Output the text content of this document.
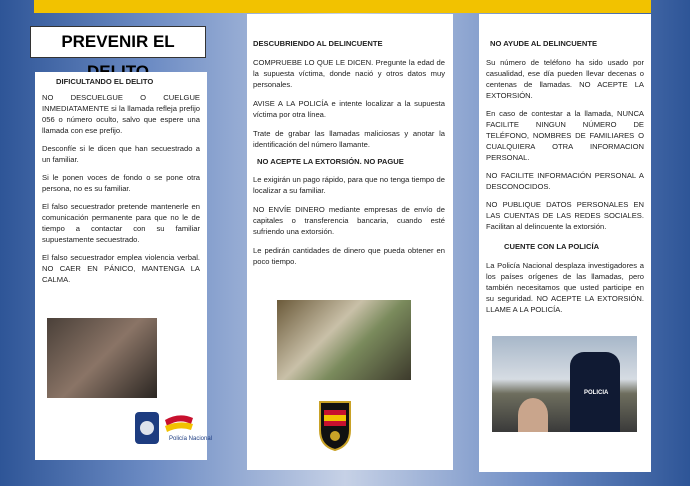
PREVENIR EL

DIFICULTANDO EL DELITO

NO DESCUELGUE O CUELGUE INMEDIATAMENTE si la llamada refleja prefijo 056 o número oculto, salvo que espere una llamada con ese prefijo.

Desconfíe si le dicen que han secuestrado a un familiar.

Si le ponen voces de fondo o se pone otra persona, no es su familiar.

El falso secuestrador pretende mantenerle en comunicación permanente para que no le de tiempo a contactar con su familiar supuestamente secuestrado.

El falso secuestrador emplea violencia verbal. NO CAER EN PÁNICO, MANTENGA LA CALMA.

Policía Nacional

DESCUBRIENDO AL DELINCUENTE

COMPRUEBE LO QUE LE DICEN. Pregunte la edad de la supuesta víctima, donde nació y otros datos muy personales.

AVISE A LA POLICÍA e intente localizar a la supuesta víctima por otra línea.

Trate de grabar las llamadas maliciosas y anotar la identificación del número llamante.

NO ACEPTE LA EXTORSIÓN. NO PAGUE

Le exigirán un pago rápido, para que no tenga tiempo de localizar a su familiar.

NO ENVÍE DINERO mediante empresas de envío de capitales o transferencia bancaria, cuando esté sufriendo una extorsión.

Le pedirán cantidades de dinero que pueda obtener en poco tiempo.

NO AYUDE AL DELINCUENTE

Su número de teléfono ha sido usado por casualidad, ese día pueden llevar decenas o centenas de llamadas. NO ACEPTE LA EXTORSIÓN.

En caso de contestar a la llamada, NUNCA FACILITE NINGUN NÚMERO DE TELÉFONO, NOMBRES DE FAMILIARES O CUALQUIERA OTRA INFORMACION PERSONAL.

NO FACILITE INFORMACIÓN PERSONAL A DESCONOCIDOS.

NO PUBLIQUE DATOS PERSONALES EN LAS CUENTAS DE LAS REDES SOCIALES. Facilitan al delincuente la extorsión.

CUENTE CON LA POLICÍA

La Policía Nacional desplaza investigadores a los países orígenes de las llamadas, pero también necesitamos que usted participe en su seguridad. NO ACEPTE LA EXTORSIÓN. LLAME A LA POLICÍA.

POLICIA
